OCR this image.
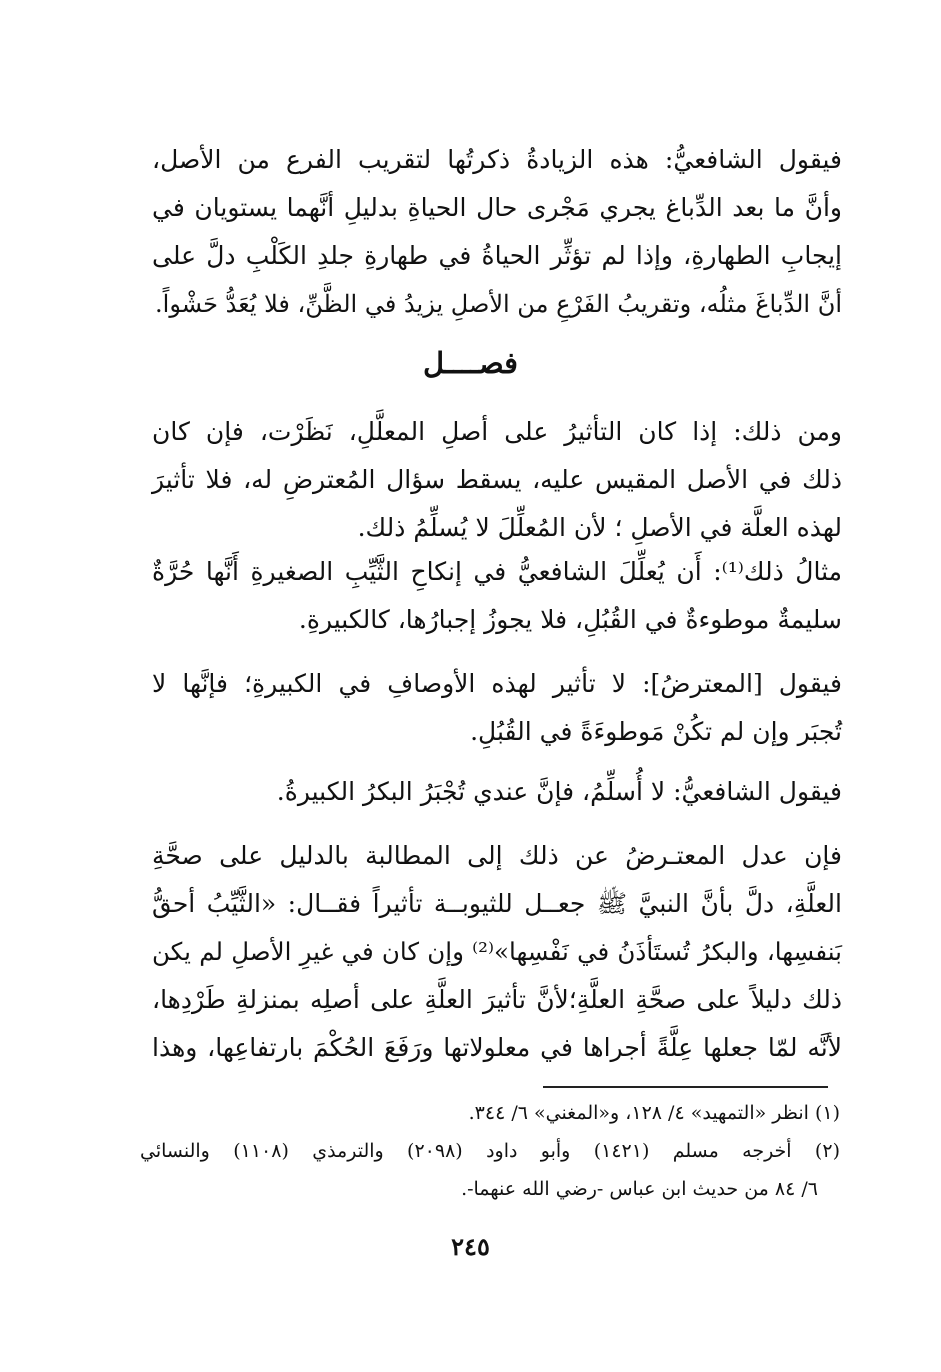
فيقول الشافعيُّ: هذه الزيادةُ ذكرتُها لتقريب الفرع من الأصل،
وأنَّ ما بعد الدِّباغ يجري مَجْرى حال الحياةِ بدليلِ أنَّهما يستويان في
إيجابِ الطهارةِ، وإذا لم تؤثِّر الحياةُ في طهارةِ جلدِ الكَلْبِ دلَّ على
أنَّ الدِّباغَ مثلُه، وتقريبُ الفَرْعِ من الأصلِ يزيدُ في الظَّنِّ، فلا يُعَدُّ حَشْواً.
فصــــل
ومن ذلك: إذا كان التأثيرُ على أصلِ المعلَّلِ، نَظَرْت، فإن كان
ذلك في الأصل المقيس عليه، يسقط سؤال المُعترضِ له، فلا تأثيرَ
لهذه العلَّة في الأصلِ ؛ لأن المُعلِّلَ لا يُسلِّمُ ذلك.
مثالُ ذلك⁽¹⁾: أَن يُعلِّلَ الشافعيُّ في إنكاحِ الثَّيِّبِ الصغيرةِ أَنَّها حُرَّةٌ
سليمةٌ موطوءةٌ في القُبُلِ، فلا يجوزُ إجبارُها، كالكبيرةِ.
فيقول [المعترضُ]: لا تأثير لهذه الأوصافِ في الكبيرةِ؛ فإنَّها لا
تُجبَر وإن لم تكُنْ مَوطوءَةً في القُبُلِ.
فيقول الشافعيُّ: لا أُسلِّمُ، فإنَّ عندي تُجْبَرُ البكرُ الكبيرةُ.
فإن عدل المعتـرضُ عن ذلك إلى المطالبة بالدليل على صحَّةِ
العلَّةِ، دلَّ بأنَّ النبيَّ ﷺ جعــل للثيوبــة تأثيراً فقــال: «الثَّيِّبُ أحقُّ
بَنفسِها، والبكرُ تُستَأذَنُ في نَفْسِها»⁽²⁾ وإن كان في غيرِ الأصلِ لم يكن
ذلك دليلاً على صحَّةِ العلَّةِ؛لأنَّ تأثيرَ العلَّةِ على أصلِه بمنزلةِ طَرْدِها،
لأنَّه لمّا جعلها عِلَّةً أجراها في معلولاتها ورَفَعَ الحُكْمَ بارتفاعِها، وهذا
(١) انظر «التمهيد» ٤/ ١٢٨، و«المغني» ٦/ ٣٤٤.
(٢) أخرجه مسلم (١٤٢١) وأبو داود (٢٠٩٨) والترمذي (١١٠٨) والنسائي
٦/ ٨٤ من حديث ابن عباس -رضي الله عنهما-.
٢٤٥
